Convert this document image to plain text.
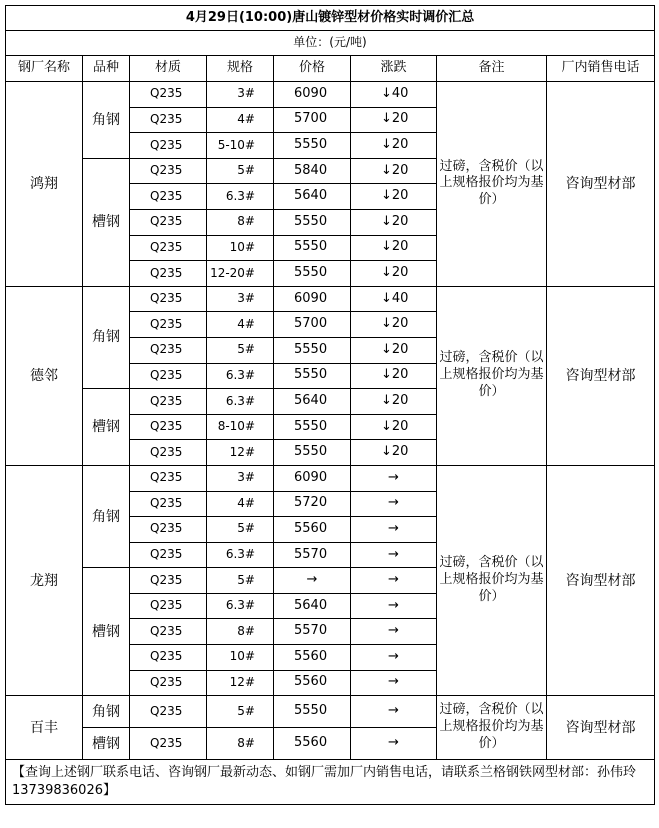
4月29日(10:00)唐山镀锌型材价格实时调价汇总							
单位：(元/吨)							
钢厂名称	品种	材质	规格	价格	涨跌	备注	厂内销售电话
鸿翔	角钢	Q235	3#	6090	↓40	过磅，含税价（以上规格报价均为基价）	咨询型材部
		Q235	4#	5700	↓20		
		Q235	5-10#	5550	↓20		
	槽钢	Q235	5#	5840	↓20		
		Q235	6.3#	5640	↓20		
		Q235	8#	5550	↓20		
		Q235	10#	5550	↓20		
		Q235	12-20#	5550	↓20		
德邻	角钢	Q235	3#	6090	↓40	过磅，含税价（以上规格报价均为基价）	咨询型材部
		Q235	4#	5700	↓20		
		Q235	5#	5550	↓20		
		Q235	6.3#	5550	↓20		
	槽钢	Q235	6.3#	5640	↓20		
		Q235	8-10#	5550	↓20		
		Q235	12#	5550	↓20		
龙翔	角钢	Q235	3#	6090	→	过磅，含税价（以上规格报价均为基价）	咨询型材部
		Q235	4#	5720	→		
		Q235	5#	5560	→		
		Q235	6.3#	5570	→		
	槽钢	Q235	5#	→	→		
		Q235	6.3#	5640	→		
		Q235	8#	5570	→		
		Q235	10#	5560	→		
		Q235	12#	5560	→		
百丰	角钢	Q235	5#	5550	→	过磅，含税价（以上规格报价均为基价）	咨询型材部
	槽钢	Q235	8#	5560	→		
【查询上述钢厂联系电话、咨询钢厂最新动态、如钢厂需加厂内销售电话，请联系兰格钢铁网型材部：孙伟玲13739836026】							
